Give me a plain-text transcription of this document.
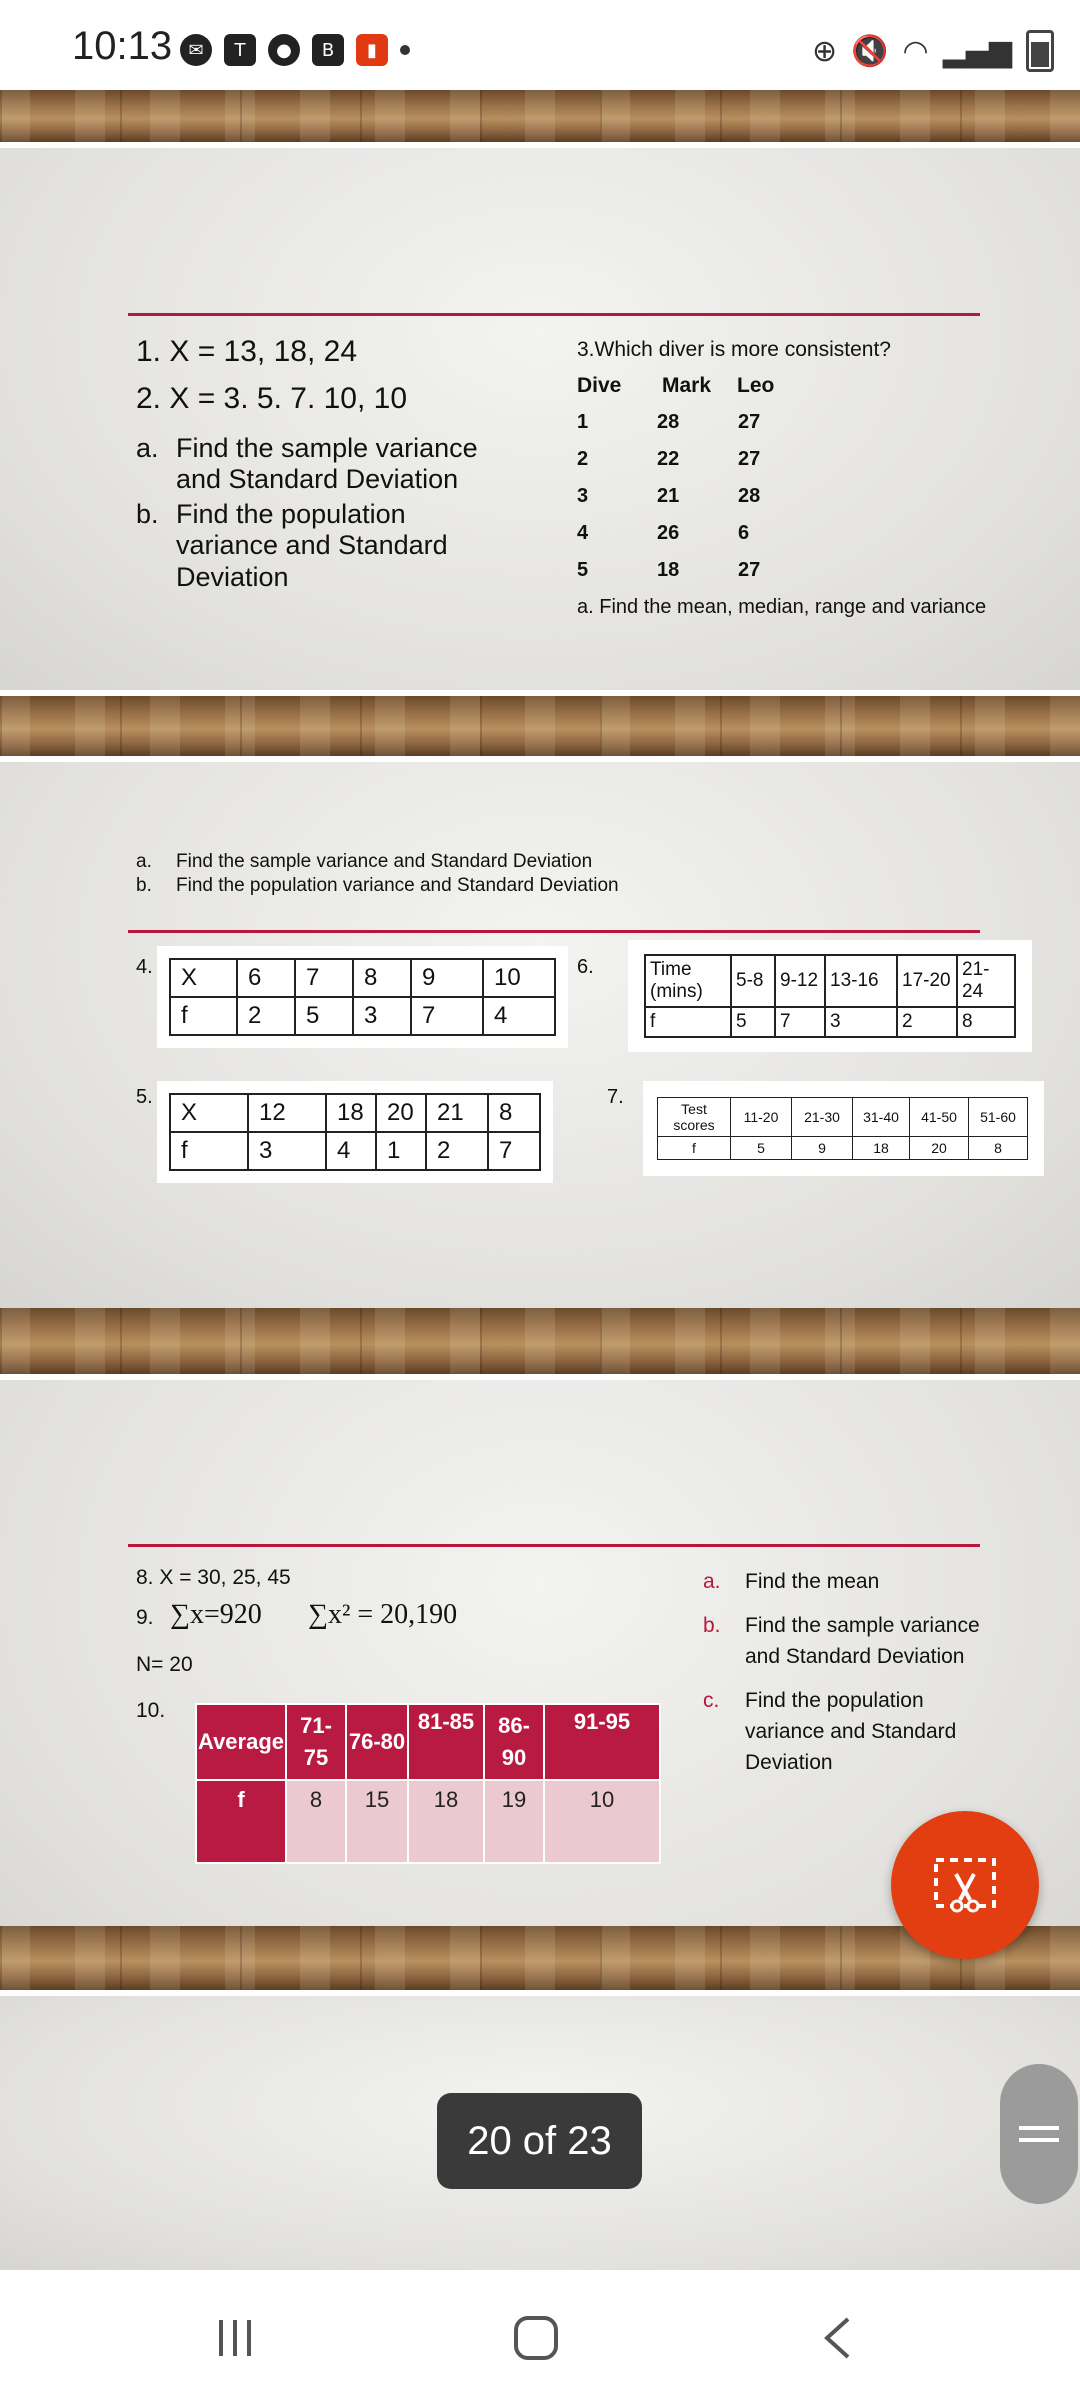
10:13 ✉	T	●	B	▮	⊕ 🔇 ◠ ▂▄▆
1. X = 13, 18, 24
2. X = 3. 5. 7. 10, 10
a. Find the sample variance
and Standard Deviation
b. Find the population
variance and Standard
Deviation
3.Which diver is more consistent?
Dive Mark Leo
1	28	27
2	22	27
3	21	28
4	26	6
5	18	27
a. Find the mean, median, range and variance
a. Find the sample variance and Standard Deviation
b. Find the population variance and Standard Deviation
4. X	6	7	8	9	10
f	2	5	3	7	4
5.
X	12	18	20	21	8
f	3	4	1	2	7
6.	Time (mins)	5-8	9-12	13-16	17-20	21-24
f	5	7	3	2	8
7.
Test scores	11-20	21-30	31-40	41-50	51-60
f	5	9	18	20	8
8. X = 30, 25, 45
9. ∑x=920 ∑x² = 20,190
N= 20
10.
Average	71-75	76-80	81-85	86-90	91-95
f	8	15	18	19	10
a. Find the mean
b. Find the sample variance
and Standard Deviation
c. Find the population
variance and Standard
Deviation
20 of 23
